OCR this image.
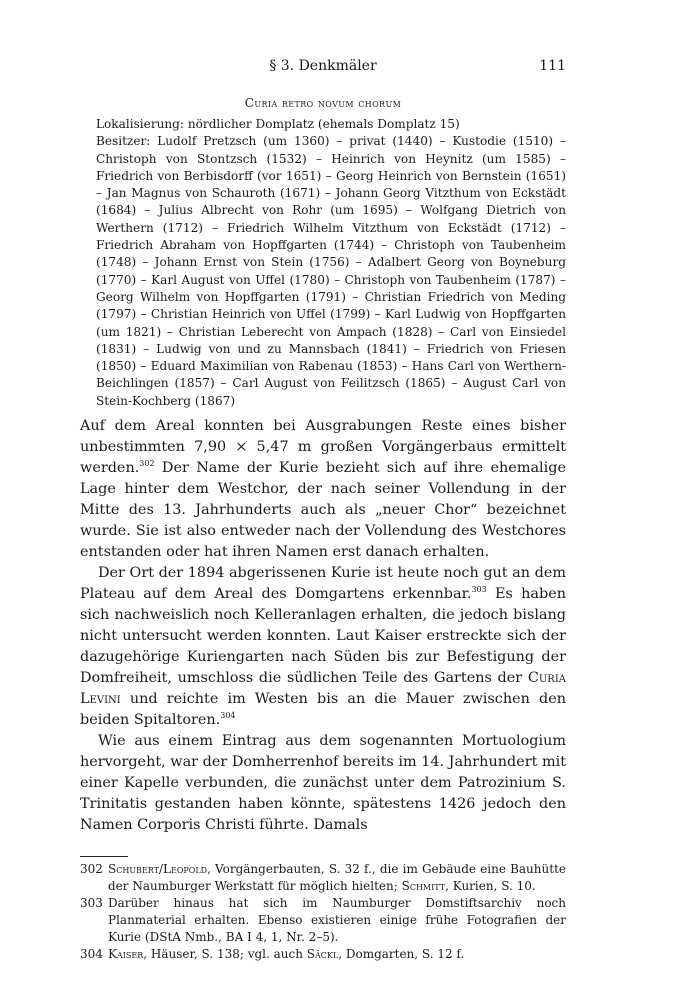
§ 3. Denkmäler	111
Curia retro novum chorum
Lokalisierung: nördlicher Domplatz (ehemals Domplatz 15)
Besitzer: Ludolf Pretzsch (um 1360) – privat (1440) – Kustodie (1510) – Christoph von Stontzsch (1532) – Heinrich von Heynitz (um 1585) – Friedrich von Berbisdorff (vor 1651) – Georg Heinrich von Bernstein (1651) – Jan Magnus von Schauroth (1671) – Johann Georg Vitzthum von Eckstädt (1684) – Julius Albrecht von Rohr (um 1695) – Wolfgang Dietrich von Werthern (1712) – Friedrich Wilhelm Vitzthum von Eckstädt (1712) – Friedrich Abraham von Hopffgarten (1744) – Christoph von Taubenheim (1748) – Johann Ernst von Stein (1756) – Adalbert Georg von Boyneburg (1770) – Karl August von Uffel (1780) – Christoph von Taubenheim (1787) – Georg Wilhelm von Hopffgarten (1791) – Christian Friedrich von Meding (1797) – Christian Heinrich von Uffel (1799) – Karl Ludwig von Hopffgarten (um 1821) – Christian Leberecht von Ampach (1828) – Carl von Einsiedel (1831) – Ludwig von und zu Mannsbach (1841) – Friedrich von Friesen (1850) – Eduard Maximilian von Rabenau (1853) – Hans Carl von Werthern-Beichlingen (1857) – Carl August von Feilitzsch (1865) – August Carl von Stein-Kochberg (1867)

Auf dem Areal konnten bei Ausgrabungen Reste eines bisher unbestimmten 7,90 × 5,47 m großen Vorgängerbaus ermittelt werden.$^{302}$ Der Name der Kurie bezieht sich auf ihre ehemalige Lage hinter dem Westchor, der nach seiner Vollendung in der Mitte des 13. Jahrhunderts auch als „neuer Chor“ bezeichnet wurde. Sie ist also entweder nach der Vollendung des Westchores entstanden oder hat ihren Namen erst danach erhalten.

Der Ort der 1894 abgerissenen Kurie ist heute noch gut an dem Plateau auf dem Areal des Domgartens erkennbar.$^{303}$ Es haben sich nachweislich noch Kelleranlagen erhalten, die jedoch bislang nicht untersucht werden konnten. Laut Kaiser erstreckte sich der dazugehörige Kuriengarten nach Süden bis zur Befestigung der Domfreiheit, umschloss die südlichen Teile des Gartens der Curia Levini und reichte im Westen bis an die Mauer zwischen den beiden Spitaltoren.$^{304}$

Wie aus einem Eintrag aus dem sogenannten Mortuologium hervorgeht, war der Domherrenhof bereits im 14. Jahrhundert mit einer Kapelle verbunden, die zunächst unter dem Patrozinium S. Trinitatis gestanden haben könnte, spätestens 1426 jedoch den Namen Corporis Christi führte. Damals

302 Schubert/Leopold, Vorgängerbauten, S. 32 f., die im Gebäude eine Bauhütte der Naumburger Werkstatt für möglich hielten; Schmitt, Kurien, S. 10.
303 Darüber hinaus hat sich im Naumburger Domstiftsarchiv noch Planmaterial erhalten. Ebenso existieren einige frühe Fotografien der Kurie (DStA Nmb., BA I 4, 1, Nr. 2–5).
304 Kaiser, Häuser, S. 138; vgl. auch Säckl, Domgarten, S. 12 f.
